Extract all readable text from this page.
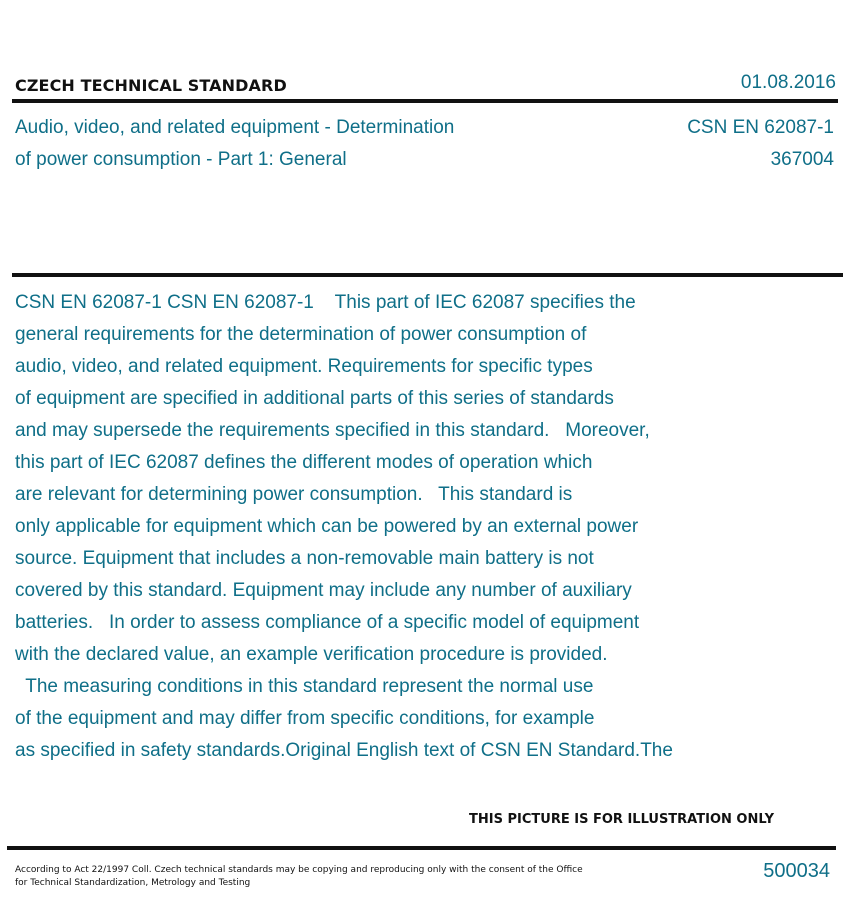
CZECH TECHNICAL STANDARD	01.08.2016
Audio, video, and related equipment - Determination
of power consumption - Part 1: General
CSN EN 62087-1
367004
CSN EN 62087-1 CSN EN 62087-1    This part of IEC 62087 specifies the
general requirements for the determination of power consumption of
audio, video, and related equipment. Requirements for specific types
of equipment are specified in additional parts of this series of standards
and may supersede the requirements specified in this standard.   Moreover,
this part of IEC 62087 defines the different modes of operation which
are relevant for determining power consumption.   This standard is
only applicable for equipment which can be powered by an external power
source. Equipment that includes a non-removable main battery is not
covered by this standard. Equipment may include any number of auxiliary
batteries.   In order to assess compliance of a specific model of equipment
with the declared value, an example verification procedure is provided.
The measuring conditions in this standard represent the normal use
of the equipment and may differ from specific conditions, for example
as specified in safety standards.Original English text of CSN EN Standard.The
THIS PICTURE IS FOR ILLUSTRATION ONLY
According to Act 22/1997 Coll. Czech technical standards may be copying and reproducing only with the consent of the Office
for Technical Standardization, Metrology and Testing
500034
